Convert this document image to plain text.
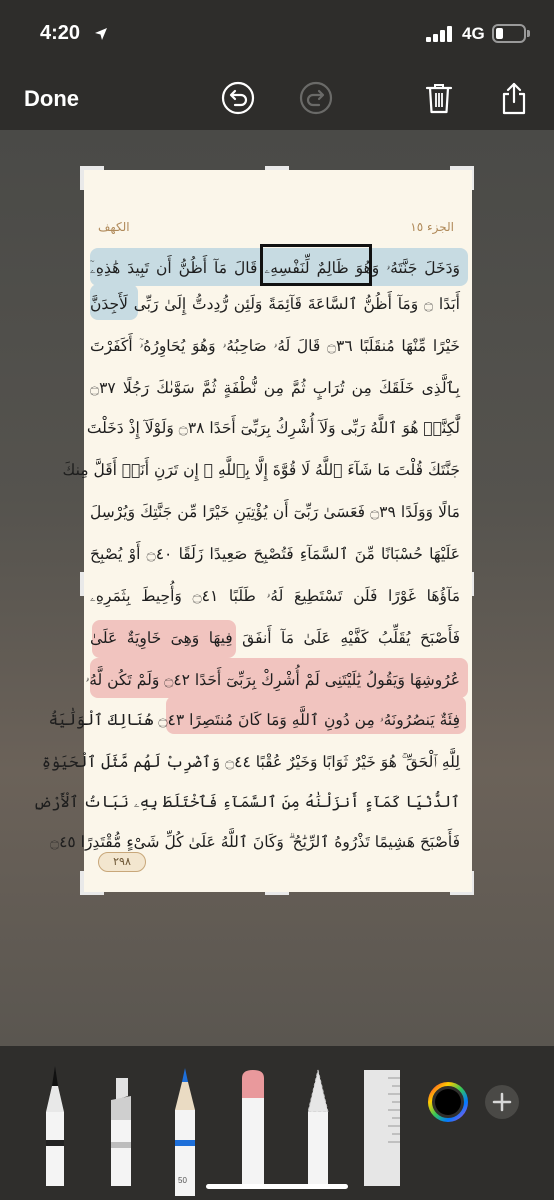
4:20	4G
Done
الجزء ١٥
الكهف
وَدَخَلَ جَنَّتَهُۥ وَهُوَ ظَالِمٌ لِّنَفْسِهِۦ قَالَ مَآ أَظُنُّ أَن تَبِيدَ هَٰذِهِۦٓ
أَبَدًا ۝ وَمَآ أَظُنُّ ٱلسَّاعَةَ قَآئِمَةً وَلَئِن رُّدِدتُّ إِلَىٰ رَبِّى لَأَجِدَنَّ
خَيْرًا مِّنْهَا مُنقَلَبًا ۝٣٦ قَالَ لَهُۥ صَاحِبُهُۥ وَهُوَ يُحَاوِرُهُۥٓ أَكَفَرْتَ
بِٱلَّذِى خَلَقَكَ مِن تُرَابٍ ثُمَّ مِن نُّطْفَةٍ ثُمَّ سَوَّىٰكَ رَجُلًا ۝٣٧
لَّٰكِنَّا۠ هُوَ ٱللَّهُ رَبِّى وَلَآ أُشْرِكُ بِرَبِّىٓ أَحَدًا ۝٣٨ وَلَوْلَآ إِذْ دَخَلْتَ
جَنَّتَكَ قُلْتَ مَا شَآءَ ٱللَّهُ لَا قُوَّةَ إِلَّا بِٱللَّهِ ۚ إِن تَرَنِ أَنَا۠ أَقَلَّ مِنكَ
مَالًا وَوَلَدًا ۝٣٩ فَعَسَىٰ رَبِّىٓ أَن يُؤْتِيَنِ خَيْرًا مِّن جَنَّتِكَ وَيُرْسِلَ
عَلَيْهَا حُسْبَانًا مِّنَ ٱلسَّمَآءِ فَتُصْبِحَ صَعِيدًا زَلَقًا ۝٤٠ أَوْ يُصْبِحَ
مَآؤُهَا غَوْرًا فَلَن تَسْتَطِيعَ لَهُۥ طَلَبًا ۝٤١ وَأُحِيطَ بِثَمَرِهِۦ
فَأَصْبَحَ يُقَلِّبُ كَفَّيْهِ عَلَىٰ مَآ أَنفَقَ فِيهَا وَهِىَ خَاوِيَةٌ عَلَىٰ
عُرُوشِهَا وَيَقُولُ يَٰلَيْتَنِى لَمْ أُشْرِكْ بِرَبِّىٓ أَحَدًا ۝٤٢ وَلَمْ تَكُن لَّهُۥ
فِئَةٌ يَنصُرُونَهُۥ مِن دُونِ ٱللَّهِ وَمَا كَانَ مُنتَصِرًا ۝٤٣ هُنَالِكَ ٱلْوَلَٰيَةُ
لِلَّهِ ٱلْحَقِّ ۚ هُوَ خَيْرٌ ثَوَابًا وَخَيْرٌ عُقْبًا ۝٤٤ وَٱضْرِبْ لَهُم مَّثَلَ ٱلْحَيَوٰةِ
ٱلدُّنْيَا كَمَآءٍ أَنزَلْنَٰهُ مِنَ ٱلسَّمَآءِ فَٱخْتَلَطَ بِهِۦ نَبَاتُ ٱلْأَرْضِ
فَأَصْبَحَ هَشِيمًا تَذْرُوهُ ٱلرِّيَٰحُ ۗ وَكَانَ ٱللَّهُ عَلَىٰ كُلِّ شَىْءٍ مُّقْتَدِرًا ۝٤٥
٢٩٨
50
